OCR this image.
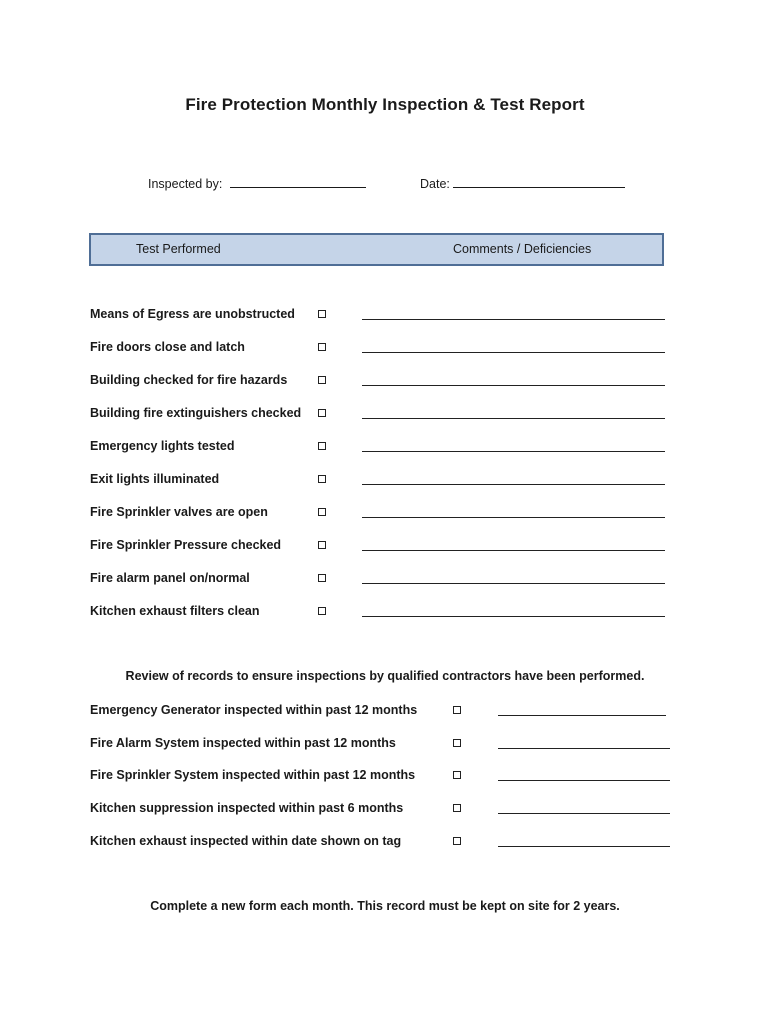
Fire Protection Monthly Inspection & Test Report
Inspected by:	Date:
Test Performed	Comments / Deficiencies
Means of Egress are unobstructed
Fire doors close and latch
Building checked for fire hazards
Building fire extinguishers checked
Emergency lights tested
Exit lights illuminated
Fire Sprinkler valves are open
Fire Sprinkler Pressure checked
Fire alarm panel on/normal
Kitchen exhaust filters clean
Review of records to ensure inspections by qualified contractors have been performed.
Emergency Generator inspected within past 12 months
Fire Alarm System inspected within past 12 months
Fire Sprinkler System inspected within past 12 months
Kitchen suppression inspected within past 6 months
Kitchen exhaust inspected within date shown on tag
Complete a new form each month. This record must be kept on site for 2 years.
